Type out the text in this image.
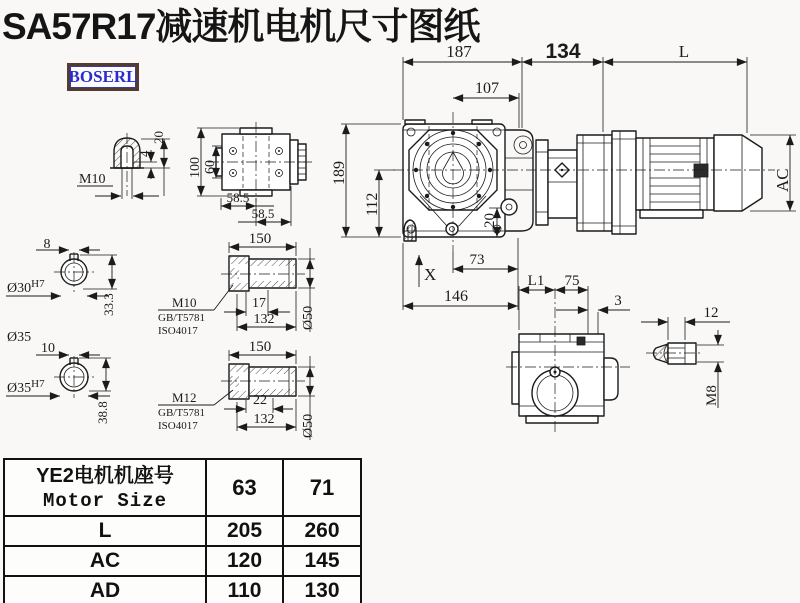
SA57R17减速机电机尺寸图纸
BOSERL
M10
4
20
100 60
58.5
58.5
8
$Ø30^{H7}$
33.3
Ø35
10
$Ø35^{H7}$
38.8
150
17
132 Ø50
M10
GB/T5781
ISO4017
150
22
132 Ø50
M12
GB/T5781
ISO4017
187
107
189
112
20
73
146
X
134	L
AC
L1 75
3
12
M8
YE2电机机座号
Motor Size	63	71
L	205	260
AC	120	145
AD	110	130
